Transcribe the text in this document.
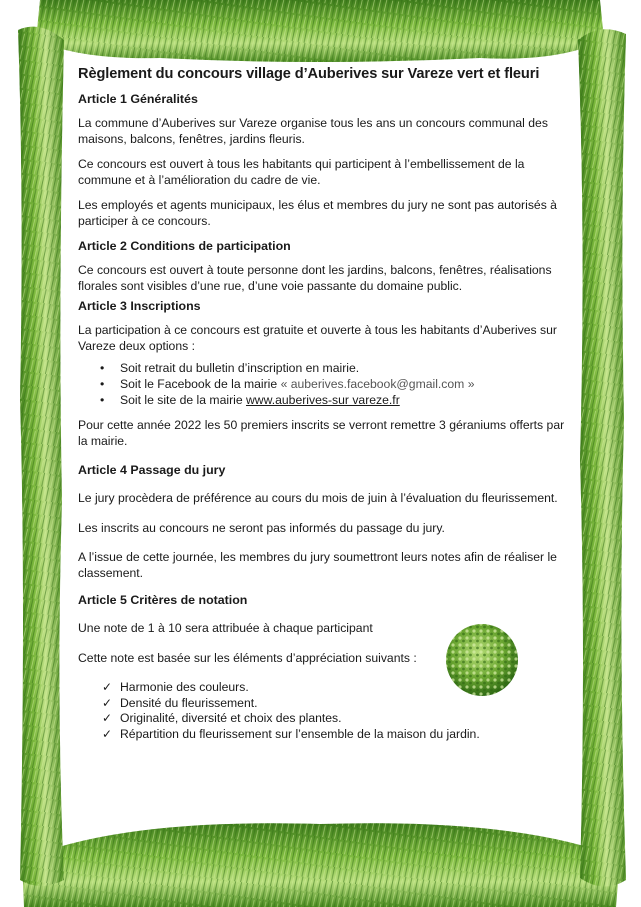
Règlement du concours village d’Auberives sur Vareze vert et fleuri
Article 1 Généralités

La commune d’Auberives sur Vareze organise tous les ans un concours communal des maisons, balcons, fenêtres, jardins fleuris.

Ce concours est ouvert à tous les habitants qui participent à l’embellissement de la commune et à l’amélioration du cadre de vie.

Les employés et agents municipaux, les élus et membres du jury ne sont pas autorisés à participer à ce concours.

Article 2 Conditions de participation

Ce concours est ouvert à toute personne dont les jardins, balcons, fenêtres, réalisations florales sont visibles d’une rue, d’une voie passante du domaine public.

Article 3 Inscriptions

La participation à ce concours est gratuite et ouverte à tous les habitants d’Auberives sur Vareze deux options :

• Soit retrait du bulletin d’inscription en mairie.
• Soit le Facebook de la mairie « auberives.facebook@gmail.com »
• Soit le site de la mairie www.auberives-sur vareze.fr

Pour cette année 2022 les 50 premiers inscrits se verront remettre 3 géraniums offerts par la mairie.

Article 4 Passage du jury

Le jury procèdera de préférence au cours du mois de juin à l’évaluation du fleurissement.

Les inscrits au concours ne seront pas informés du passage du jury.

A l’issue de cette journée, les membres du jury soumettront leurs notes afin de réaliser le classement.

Article 5 Critères de notation

Une note de 1 à 10 sera attribuée à chaque participant

Cette note est basée sur les éléments d’appréciation suivants :

✓ Harmonie des couleurs.
✓ Densité du fleurissement.
✓ Originalité, diversité et choix des plantes.
✓ Répartition du fleurissement sur l’ensemble de la maison du jardin.
